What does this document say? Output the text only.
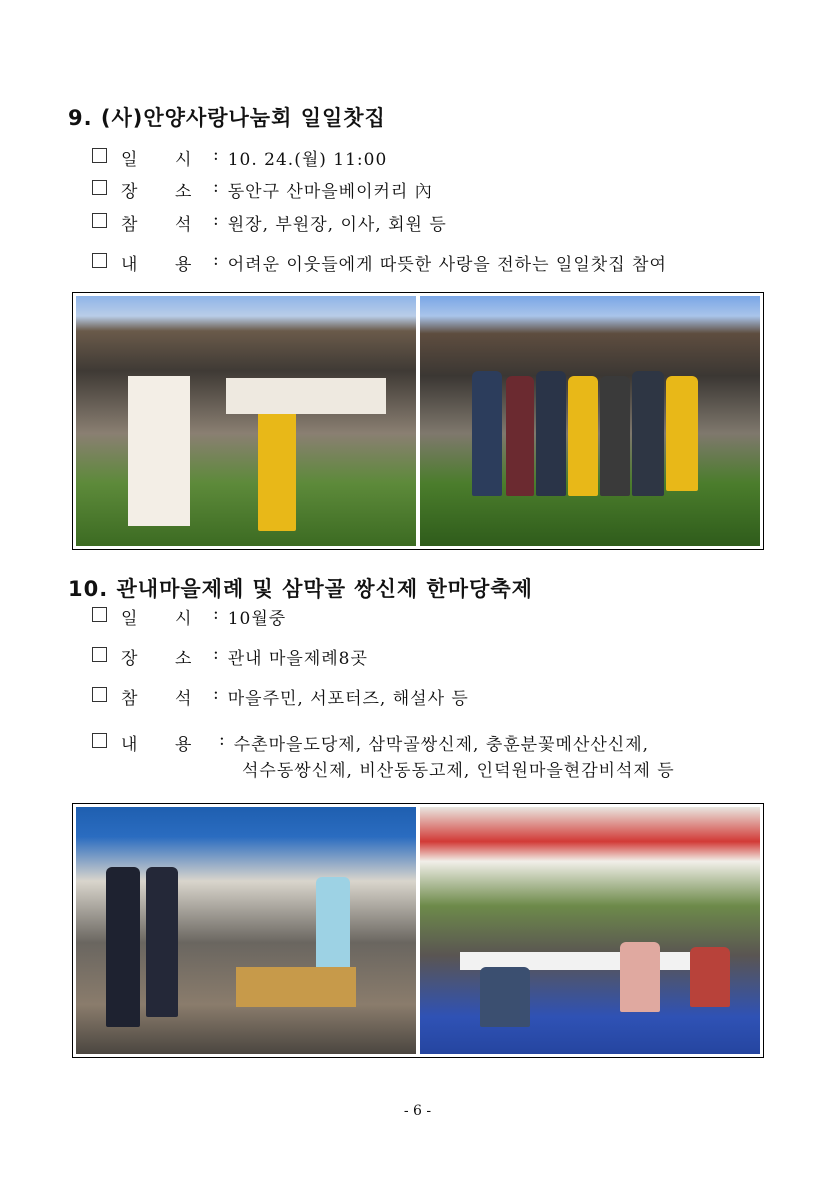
9. (사)안양사랑나눔회 일일찻집
일	시	: 10. 24.(월) 11:00
장	소	: 동안구 산마을베이커리 內
참	석	: 원장, 부원장, 이사, 회원 등
내	용	: 어려운 이웃들에게 따뜻한 사랑을 전하는 일일찻집 참여
10. 관내마을제례 및 삼막골 쌍신제 한마당축제
일	시	: 10월중
장	소	: 관내 마을제례8곳
참	석	: 마을주민, 서포터즈, 해설사 등
내	용	: 수촌마을도당제, 삼막골쌍신제, 충훈분꽃메산산신제,
석수동쌍신제, 비산동동고제, 인덕원마을현감비석제 등
- 6 -
